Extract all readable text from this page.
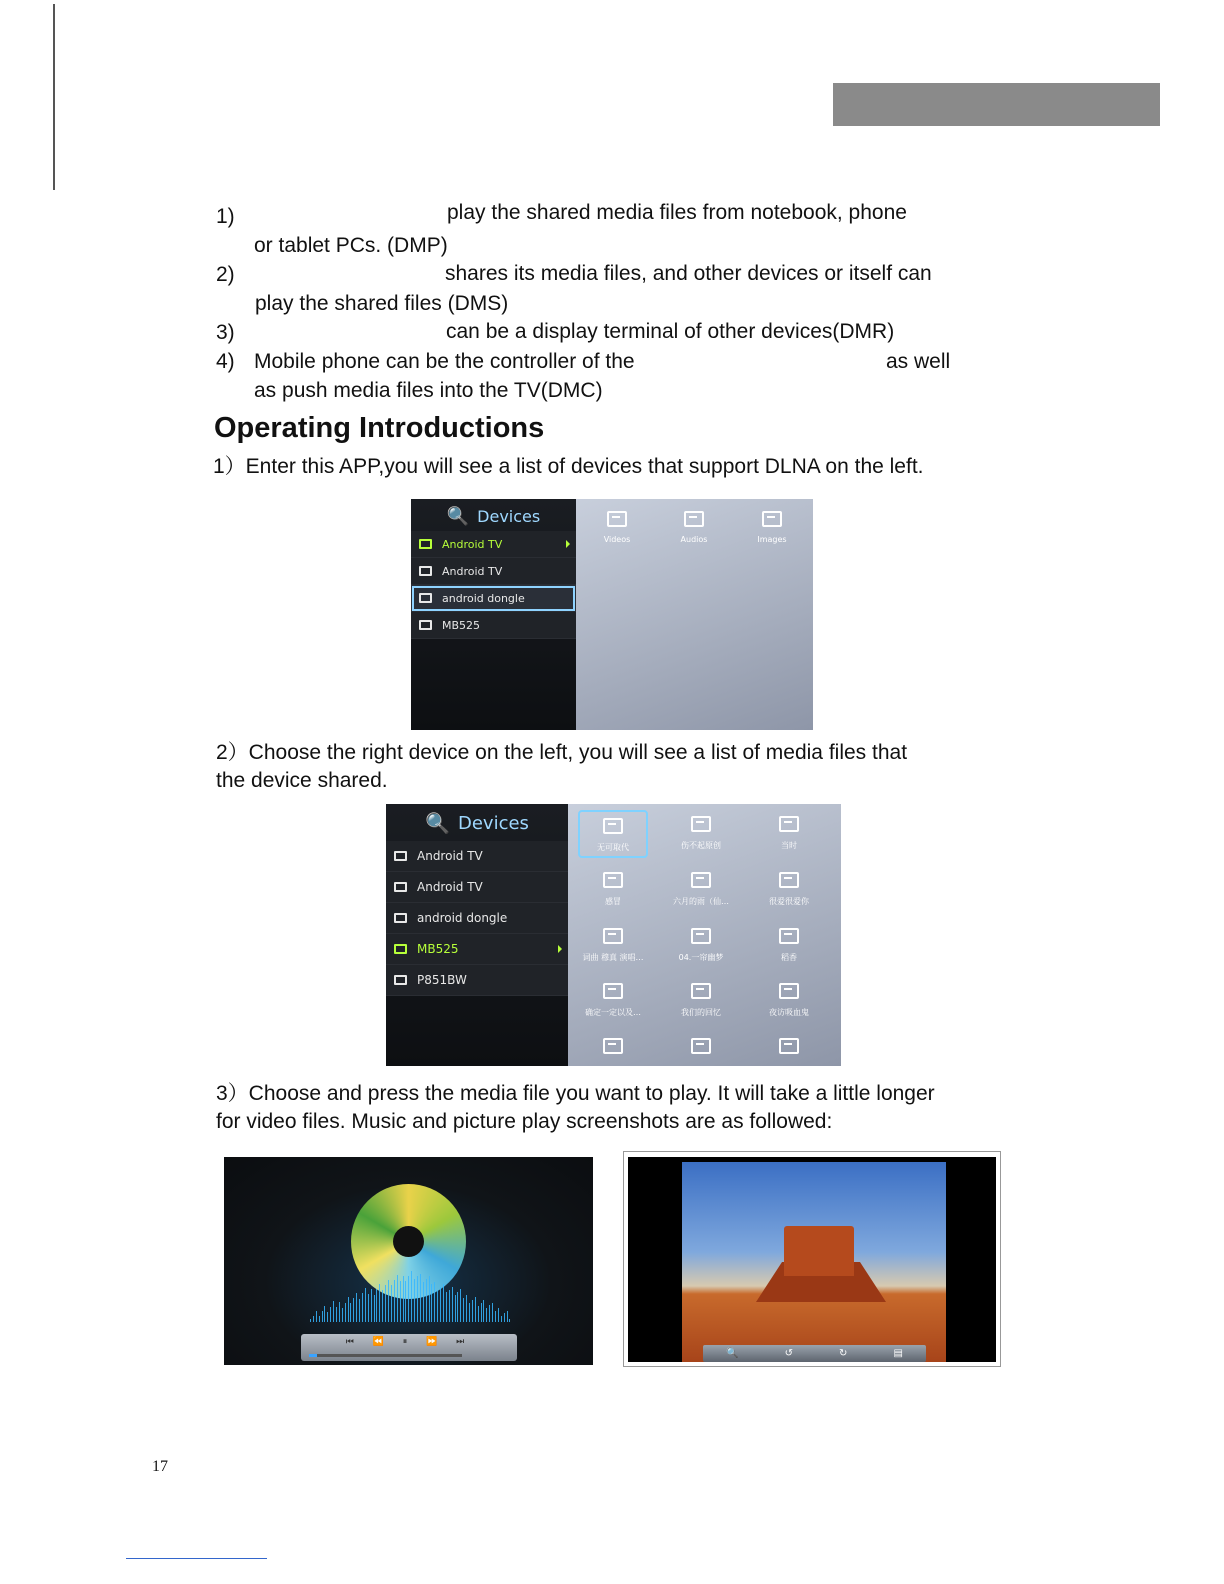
1)	play the shared media files from notebook, phone
or tablet PCs. (DMP)
2)	shares its media files, and other devices or itself can
play the shared files (DMS)
3)	can be a display terminal of other devices(DMR)
4) Mobile phone can be the controller of the	as well
as push media files into the TV(DMC)
Operating Introductions
1）Enter this APP,you will see a list of devices that support DLNA on the left.
🔍 Devices
Android TV
Android TV
android dongle
MB525
Videos	Audios	Images
2）Choose the right device on the left, you will see a list of media files that
the device shared.
🔍 Devices
Android TV
Android TV
android dongle
MB525
P851BW
无可取代	伤不起原创	当时
感冒	六月的雨（仙…	很爱很爱你
词曲 穆真 演唱…	04.一帘幽梦	稻香
确定一定以及…	我们的回忆	夜访吸血鬼
3）Choose and press the media file you want to play. It will take a little longer
for video files. Music and picture play screenshots are as followed:
⏮ ⏪ ⏸ ⏩ ⏭
🔍	↺	↻	▤
17
